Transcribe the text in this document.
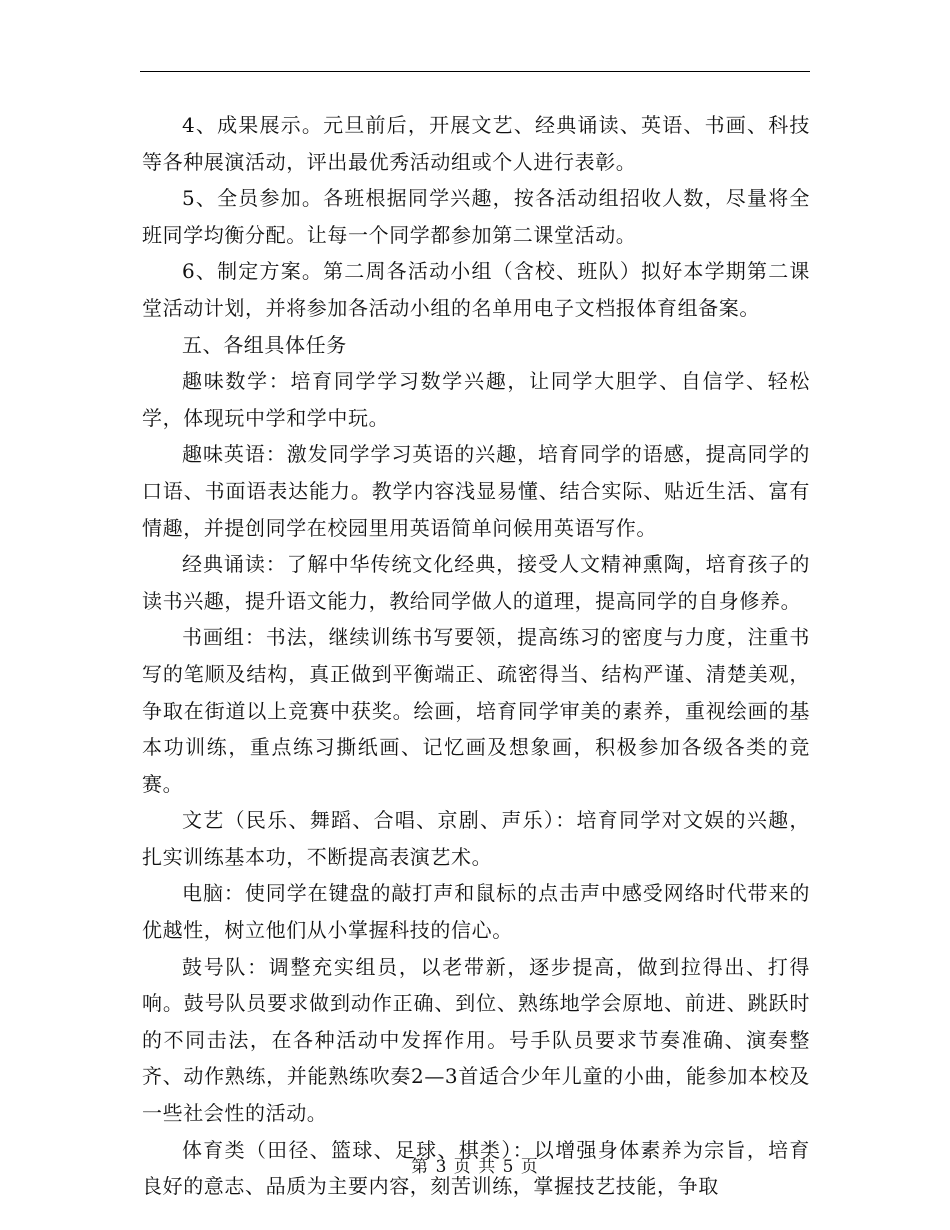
4、成果展示。元旦前后，开展文艺、经典诵读、英语、书画、科技等各种展演活动，评出最优秀活动组或个人进行表彰。

5、全员参加。各班根据同学兴趣，按各活动组招收人数，尽量将全班同学均衡分配。让每一个同学都参加第二课堂活动。

6、制定方案。第二周各活动小组（含校、班队）拟好本学期第二课堂活动计划，并将参加各活动小组的名单用电子文档报体育组备案。

五、各组具体任务

趣味数学：培育同学学习数学兴趣，让同学大胆学、自信学、轻松学，体现玩中学和学中玩。

趣味英语：激发同学学习英语的兴趣，培育同学的语感，提高同学的口语、书面语表达能力。教学内容浅显易懂、结合实际、贴近生活、富有情趣，并提创同学在校园里用英语简单问候用英语写作。

经典诵读：了解中华传统文化经典，接受人文精神熏陶，培育孩子的读书兴趣，提升语文能力，教给同学做人的道理，提高同学的自身修养。

书画组：书法，继续训练书写要领，提高练习的密度与力度，注重书写的笔顺及结构，真正做到平衡端正、疏密得当、结构严谨、清楚美观，争取在街道以上竞赛中获奖。绘画，培育同学审美的素养，重视绘画的基本功训练，重点练习撕纸画、记忆画及想象画，积极参加各级各类的竞赛。

文艺（民乐、舞蹈、合唱、京剧、声乐）：培育同学对文娱的兴趣，扎实训练基本功，不断提高表演艺术。

电脑：使同学在键盘的敲打声和鼠标的点击声中感受网络时代带来的优越性，树立他们从小掌握科技的信心。

鼓号队：调整充实组员，以老带新，逐步提高，做到拉得出、打得响。鼓号队员要求做到动作正确、到位、熟练地学会原地、前进、跳跃时的不同击法，在各种活动中发挥作用。号手队员要求节奏准确、演奏整齐、动作熟练，并能熟练吹奏2—3首适合少年儿童的小曲，能参加本校及一些社会性的活动。

体育类（田径、篮球、足球、棋类）：以增强身体素养为宗旨，培育良好的意志、品质为主要内容，刻苦训练，掌握技艺技能，争取

第 3 页 共 5 页
